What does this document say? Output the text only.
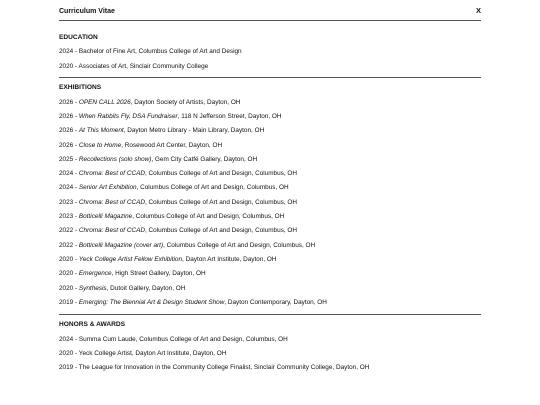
Curriculum Vitae	X
EDUCATION
2024 - Bachelor of Fine Art, Columbus College of Art and Design
2020 - Associates of Art, Sinclair Community College
EXHIBITIONS
2026 - OPEN CALL 2026, Dayton Society of Artists, Dayton, OH
2026 - When Rabbits Fly, DSA Fundraiser, 118 N Jefferson Street, Dayton, OH
2026 - At This Moment, Dayton Metro Library - Main Library, Dayton, OH
2026 - Close to Home, Rosewood Art Center, Dayton, OH
2025 - Recollections (solo show), Gem City Catfé Gallery, Dayton, OH
2024 - Chroma: Best of CCAD, Columbus College of Art and Design, Columbus, OH
2024 - Senior Art Exhibition, Columbus College of Art and Design, Columbus, OH
2023 - Chroma: Best of CCAD, Columbus College of Art and Design, Columbus, OH
2023 - Botticelli Magazine, Columbus College of Art and Design, Columbus, OH
2022 - Chroma: Best of CCAD, Columbus College of Art and Design, Columbus, OH
2022 - Botticelli Magazine (cover art), Columbus College of Art and Design, Columbus, OH
2020 - Yeck College Artist Fellow Exhibition, Dayton Art Institute, Dayton, OH
2020 - Emergence, High Street Gallery, Dayton, OH
2020 - Synthesis, Dutoit Gallery, Dayton, OH
2019 - Emerging: The Biennial Art & Design Student Show, Dayton Contemporary, Dayton, OH
HONORS & AWARDS
2024 - Summa Cum Laude, Columbus College of Art and Design, Columbus, OH
2020 - Yeck College Artist, Dayton Art Institute, Dayton, OH
2019 - The League for Innovation in the Community College Finalist, Sinclair Community College, Dayton, OH
